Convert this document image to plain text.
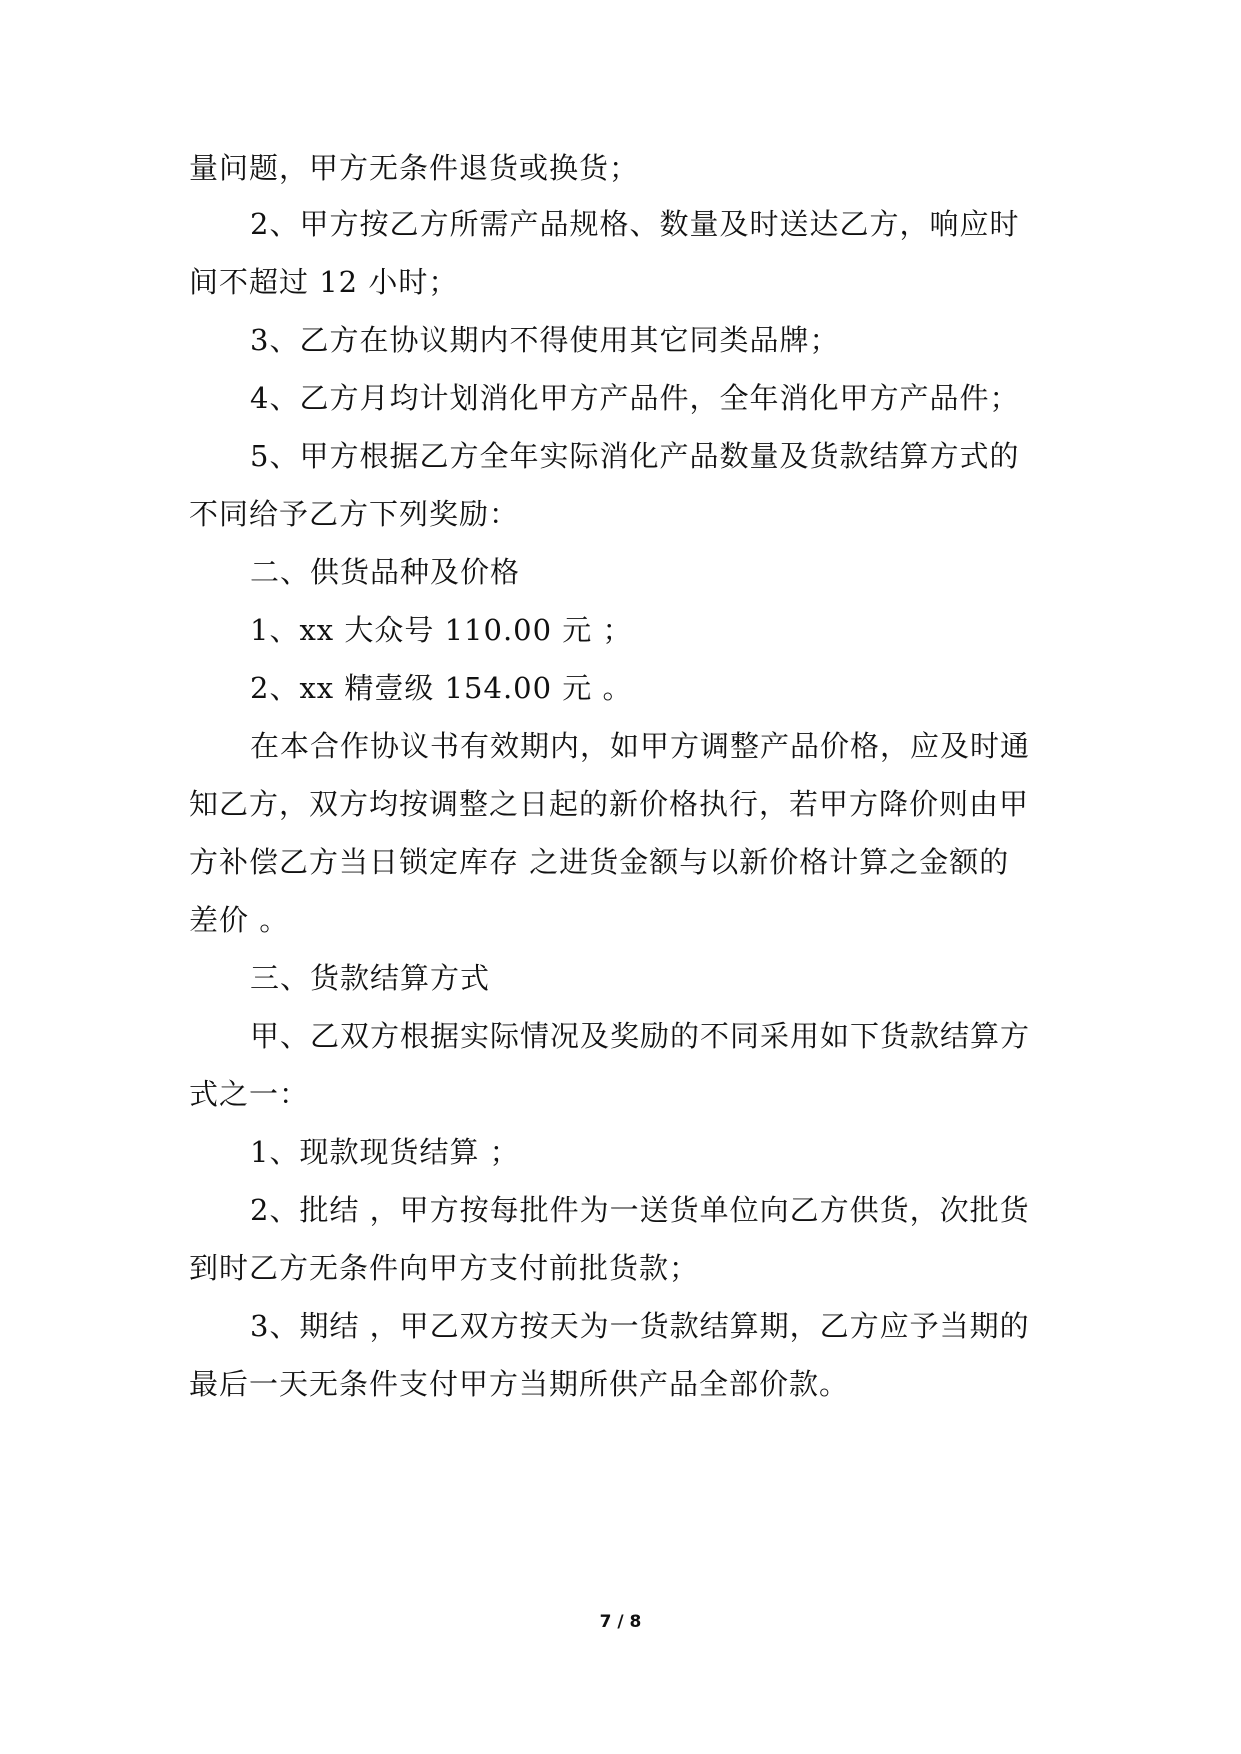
量问题，甲方无条件退货或换货；
2、甲方按乙方所需产品规格、数量及时送达乙方，响应时
间不超过 12 小时；
3、乙方在协议期内不得使用其它同类品牌；
4、乙方月均计划消化甲方产品件，全年消化甲方产品件；
5、甲方根据乙方全年实际消化产品数量及货款结算方式的
不同给予乙方下列奖励：
二、供货品种及价格
1、xx 大众号 110.00 元 ；
2、xx 精壹级 154.00 元 。
在本合作协议书有效期内，如甲方调整产品价格，应及时通
知乙方，双方均按调整之日起的新价格执行，若甲方降价则由甲
方补偿乙方当日锁定库存 之进货金额与以新价格计算之金额的
差价 。
三、货款结算方式
甲、乙双方根据实际情况及奖励的不同采用如下货款结算方
式之一：
1、现款现货结算 ；
2、批结 ，甲方按每批件为一送货单位向乙方供货，次批货
到时乙方无条件向甲方支付前批货款；
3、期结 ，甲乙双方按天为一货款结算期，乙方应予当期的
最后一天无条件支付甲方当期所供产品全部价款。
7 / 8
